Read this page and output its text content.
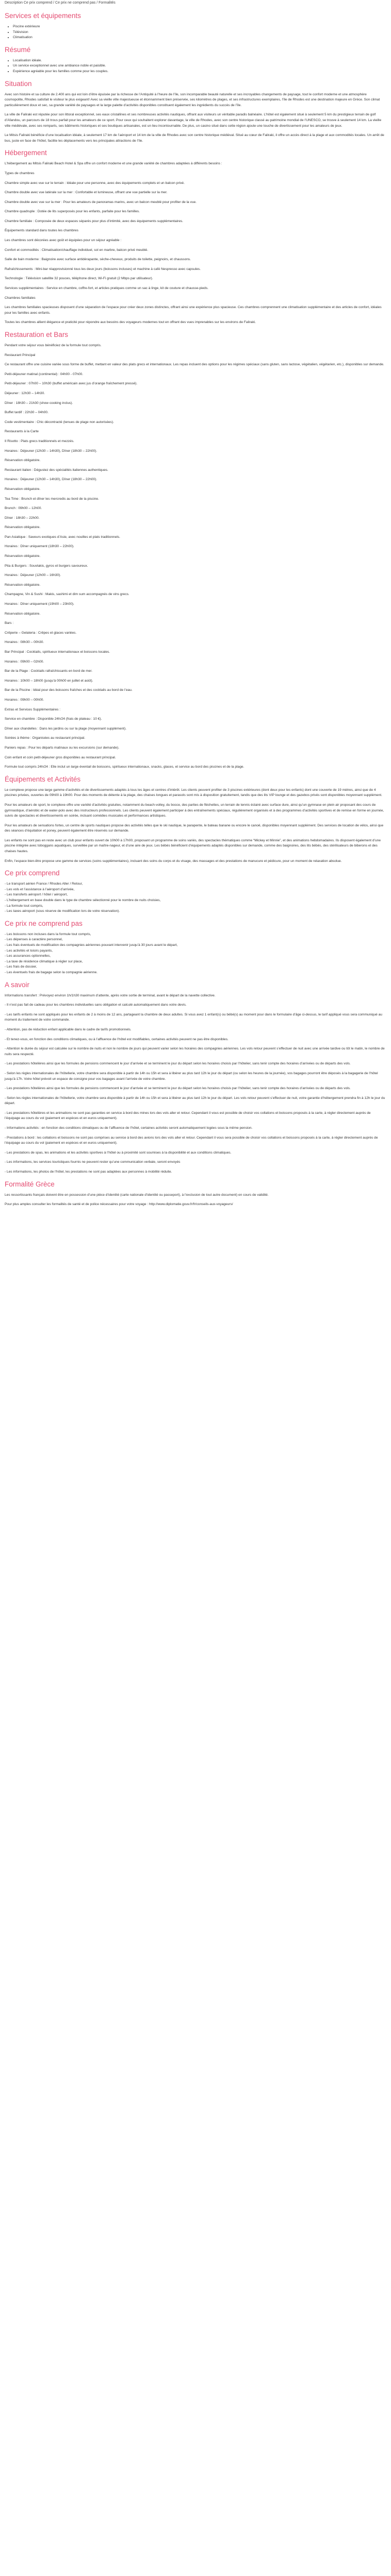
Description Ce prix comprend / Ce prix ne comprend pas / Formalités
Services et équipements
• Piscine extérieure
• Télévision
• Climatisation
Résumé
• Localisation idéale.
• Un service exceptionnel avec une ambiance noble et paisible.
• Expérience agréable pour les familles comme pour les couples.
Situation

Avec son histoire et sa culture de 2.400 ans qui est loin d’être épuisée par la richesse de l’Antiquité à l’heure de l’île, son incomparable beauté naturelle et ses incroyables changements de paysage, tout le confort moderne et une atmosphère cosmopolite, Rhodes satisfait le visiteur le plus exigeant! Avec sa vieille ville majestueuse et étonnamment bien préservée, ses kilomètres de plages, et ses infrastructures exemplaires, l’île de Rhodes est une destination majeure en Grèce. Son climat particulièrement doux et sec, sa grande variété de paysages et la large palette d’activités disponibles constituent également les ingrédients du succès de l’île.

La ville de Faliraki est réputée pour son littoral exceptionnel, ses eaux cristallines et ses nombreuses activités nautiques, offrant aux visiteurs un véritable paradis balnéaire. L’hôtel est également situé à seulement 5 km du prestigieux terrain de golf d’Afandou, un parcours de 18 trous parfait pour les amateurs de ce sport. Pour ceux qui souhaitent explorer davantage, la ville de Rhodes, avec son centre historique classé au patrimoine mondial de l’UNESCO, se trouve à seulement 14 km. La vieille ville médiévale, avec ses remparts, ses bâtiments historiques et ses boutiques artisanales, est un lieu incontournable. De plus, un casino situé dans cette région ajoute une touche de divertissement pour les amateurs de jeux.

Le Mitsis Faliraki bénéficie d’une localisation idéale, à seulement 17 km de l’aéroport et 14 km de la ville de Rhodes avec son centre historique médiéval. Situé au cœur de Faliraki, il offre un accès direct à la plage et aux commodités locales. Un arrêt de bus, juste en face de l’hôtel, facilite les déplacements vers les principales attractions de l’île.

Hébergement

L’hébergement au Mitsis Faliraki Beach Hotel & Spa offre un confort moderne et une grande variété de chambres adaptées à différents besoins :

Types de chambres

Chambre simple avec vue sur le terrain : Idéale pour une personne, avec des équipements complets et un balcon privé.

Chambre double avec vue latérale sur la mer : Confortable et lumineuse, offrant une vue partielle sur la mer.

Chambre double avec vue sur la mer : Pour les amateurs de panoramas marins, avec un balcon meublé pour profiter de la vue.

Chambre quadruple : Dotée de lits superposés pour les enfants, parfaite pour les familles.

Chambre familiale : Composée de deux espaces séparés pour plus d’intimité, avec des équipements supplémentaires.

Équipements standard dans toutes les chambres

Les chambres sont décorées avec goût et équipées pour un séjour agréable :

Confort et commodités : Climatisation/chauffage individuel, sol en marbre, balcon privé meublé.

Salle de bain moderne : Baignoire avec surface antidérapante, sèche-cheveux, produits de toilette, peignoirs, et chaussons.

Rafraîchissements : Mini-bar réapprovisionné tous les deux jours (boissons incluses) et machine à café Nespresso avec capsules.

Technologie : Télévision satellite 32 pouces, téléphone direct, Wi-Fi gratuit (2 Mbps par utilisateur).

Services supplémentaires : Service en chambre, coffre-fort, et articles pratiques comme un sac à linge, kit de couture et chausse-pieds.

Chambres familiales

Les chambres familiales spacieuses disposent d’une séparation de l’espace pour créer deux zones distinctes, offrant ainsi une expérience plus spacieuse. Ces chambres comprennent une climatisation supplémentaire et des articles de confort, idéales pour les familles avec enfants.

Toutes les chambres allient élégance et praticité pour répondre aux besoins des voyageurs modernes tout en offrant des vues imprenables sur les environs de Faliraki.

Restauration et Bars

Pendant votre séjour vous bénéficiez de la formule tout compris.

Restaurant Principal

Ce restaurant offre une cuisine variée sous forme de buffet, mettant en valeur des plats grecs et internationaux. Les repas incluent des options pour les régimes spéciaux (sans gluten, sans lactose, végétalien, végétarien, etc.), disponibles sur demande.

Petit-déjeuner matinal (continental) : 04h00 - 07h00.

Petit-déjeuner : 07h00 – 10h30 (buffet américain avec jus d’orange fraîchement pressé).

Déjeuner : 12h30 – 14h30.

Dîner : 18h30 – 21h30 (show cooking inclus).

Buffet tardif : 22h30 – 04h00.

Code vestimentaire : Chic décontracté (tenues de plage non autorisées).

Restaurants à la Carte

Il Risotto : Plats grecs traditionnels et mezzés.

Horaires : Déjeuner (12h30 – 14h30), Dîner (18h30 – 22h00).

Réservation obligatoire.

Restaurant italien : Dégustez des spécialités italiennes authentiques.

Horaires : Déjeuner (12h30 – 14h30), Dîner (18h30 – 22h00).

Réservation obligatoire.

Tea Time : Brunch et dîner les mercredis au bord de la piscine.

Brunch : 09h00 – 12h00.

Dîner : 18h30 – 22h00.

Réservation obligatoire.

Pan Asiatique : Saveurs exotiques d’Asie, avec nouilles et plats traditionnels.

Horaires : Dîner uniquement (18h30 – 22h00).

Réservation obligatoire.

Pita & Burgers : Souvlakis, gyros et burgers savoureux.

Horaires : Déjeuner (12h00 – 16h30).

Réservation obligatoire.

Champagne, Vin & Sushi : Makis, sashimi et dim sum accompagnés de vins grecs.

Horaires : Dîner uniquement (19h00 – 23h00).

Réservation obligatoire.

Bars :

Crêperie – Gelateria : Crêpes et glaces variées.

Horaires : 08h30 – 00h30.

Bar Principal : Cocktails, spiritueux internationaux et boissons locales.

Horaires : 09h00 – 02h00.

Bar de la Plage : Cocktails rafraîchissants en bord de mer.

Horaires : 10h00 – 18h00 (jusqu’à 00h00 en juillet et août).

Bar de la Piscine : Idéal pour des boissons fraîches et des cocktails au bord de l’eau.

Horaires : 09h00 – 00h00.

Extras et Services Supplémentaires :

Service en chambre : Disponible 24h/24 (frais de plateau : 10 €).

Dîner aux chandelles : Dans les jardins ou sur la plage (moyennant supplément).

Soirées à thème : Organisées au restaurant principal.

Paniers repas : Pour les départs matinaux ou les excursions (sur demande).

Coin enfant et coin petit-déjeuner gros disponibles au restaurant principal.

Formule tout compris 24h/24 : Elle inclut un large éventail de boissons, spiritueux internationaux, snacks, glaces, et service au bord des piscines et de la plage.

Équipements et Activités

Le complexe propose une large gamme d’activités et de divertissements adaptés à tous les âges et centres d’intérêt. Les clients peuvent profiter de 3 piscines extérieures (dont deux pour les enfants) dont une couverte de 19 mètres, ainsi que de 4 piscines privées, ouvertes de 09h00 à 19h00. Pour des moments de détente à la plage, des chaises longues et parasols sont mis à disposition gratuitement, tandis que des lits VIP lounge et des gazebos privés sont disponibles moyennant supplément.

Pour les amateurs de sport, le complexe offre une variété d’activités gratuites, notamment du beach-volley, du bocce, des parties de fléchettes, un terrain de tennis éclairé avec surface dure, ainsi qu’un gymnase en plein air proposant des cours de gymnastique, d’aérobic et de water-polo avec des instructeurs professionnels. Les clients peuvent également participer à des entraînements spéciaux, régulièrement organisés et à des programmes d’activités sportives et de remise en forme en journée, suivis de spectacles et divertissements en soirée, incluant comédies musicales et performances artistiques.

Pour les amateurs de sensations fortes, un centre de sports nautiques propose des activités telles que le ski nautique, le parapente, le bateau banane ou encore le canoë, disponibles moyennant supplément. Des services de location de vélos, ainsi que des séances d’équitation et poney, peuvent également être réservés sur demande.

Les enfants ne sont pas en reste avec un club pour enfants ouvert de 10h00 à 17h00, proposant un programme de soins variés, des spectacles thématiques comme “Mickey et Minnie”, et des animations hebdomadaires. Ils disposent également d’une piscine intégrée avec toboggans aquatiques, surveillée par un maître-nageur, et d’une aire de jeux. Les bébés bénéficient d’équipements adaptés disponibles sur demande, comme des baignoires, des lits bébés, des stérilisateurs de biberons et des chaises hautes.

Enfin, l’espace bien-être propose une gamme de services (soins supplémentaires), incluant des soins du corps et du visage, des massages et des prestations de manucure et pédicure, pour un moment de relaxation absolue.

Ce prix comprend

- Le transport aérien France / Rhodes Aller / Retour,

- Les vols et l’assistance à l’aéroport d’arrivée,

- Les transferts aéroport / hôtel / aéroport,

- L’hébergement en base double dans le type de chambre sélectionné pour le nombre de nuits choisies,

- La formule tout compris,

- Les taxes aéroport (sous réserve de modification lors de votre réservation).

Ce prix ne comprend pas

- Les boissons non incluses dans la formule tout compris,

- Les dépenses à caractère personnel,

- Les frais éventuels de modification des compagnies aériennes pouvant intervenir jusqu’à 30 jours avant le départ,

- Les activités et loisirs payants,

- Les assurances optionnelles,

- La taxe de résidence climatique à régler sur place,

- Les frais de dossier,

- Les éventuels frais de bagage selon la compagnie aérienne.

A savoir

Informations transfert : Prévoyez environ 1h/1h30 maximum d’attente, après votre sortie de terminal, avant le départ de la navette collective.

- Il n’est pas fait de cadeau pour les chambres individuelles sans obligation et calculé automatiquement dans votre devis.

- Les tarifs enfants ne sont appliqués pour les enfants de 2 à moins de 12 ans, partageant la chambre de deux adultes. Si vous avez 1 enfant(s) ou bébé(s) au moment pour dans le formulaire d’âge ci-dessus, le tarif appliqué vous sera communiqué au moment du traitement de votre commande.

- Attention, pas de réduction enfant applicable dans le cadre de tarifs promotionnels.

- Et tenez-vous, en fonction des conditions climatiques, ou à l’affluence de l’hôtel est modifiables, certaines activités peuvent ne pas être disponibles.

- Attention le durée du séjour est calculée sur le nombre de nuits et non le nombre de jours qui peuvent varier selon les horaires des compagnies aériennes. Les vols retour peuvent s’effectuer de nuit avec une arrivée tardive ou tôt le matin, le nombre de nuits sera respecté.

- Les prestations hôtelières ainsi que les formules de pensions commencent le jour d’arrivée et se terminent le jour du départ selon les horaires choisis par l’hôtelier, sans tenir compte des horaires d’arrivées ou de départs des vols.

- Selon les règles internationales de l’hôtellerie, votre chambre sera disponible à partir de 14h ou 15h et sera à libérer au plus tard 12h le jour du départ (ou selon les heures de la journée), vos bagages pourront être déposés à la bagagerie de l’hôtel jusqu’à 17h. Votre hôtel prévoit un espace de consigne pour vos bagages avant l’arrivée de votre chambre.

- Les prestations hôtelières ainsi que les formules de pensions commencent le jour d’arrivée et se terminent le jour du départ selon les horaires choisis par l’hôtelier, sans tenir compte des horaires d’arrivées ou de départs des vols.

- Selon les règles internationales de l’hôtellerie, votre chambre sera disponible à partir de 14h ou 15h et sera à libérer au plus tard 12h le jour du départ. Les vols retour peuvent s’effectuer de nuit, votre garantie d’hébergement prendra fin à 12h le jour du départ.

- Les prestations hôtelières et les animations ne sont pas garanties en service à bord des mines lors des vols aller et retour. Cependant il vous est possible de choisir vos collations et boissons proposés à la carte, à régler directement auprès de l’équipage au cours du vol (paiement en espèces et en euros uniquement).

- Informations activités : en fonction des conditions climatiques ou de l’affluence de l’hôtel, certaines activités seront automatiquement logées sous la même pension.

- Prestations à bord : les collations et boissons ne sont pas comprises au service à bord des avions lors des vols aller et retour. Cependant il vous sera possible de choisir vos collations et boissons proposés à la carte, à régler directement auprès de l’équipage au cours du vol (paiement en espèces et en euros uniquement).

- Les prestations de spas, les animations et les activités sportives à l’hôtel ou à proximité sont soumises à la disponibilité et aux conditions climatiques.

- Les informations, les services touristiques fournis ne peuvent rester qu’une communication verbale, seront envoyés

- Les informations, les photos de l’hôtel, les prestations ne sont pas adaptées aux personnes à mobilité réduite.

Formalité Grèce

Les ressortissants français doivent être en possession d’une pièce d’identité (carte nationale d’identité ou passeport), à l’exclusion de tout autre document) en cours de validité.

Pour plus amples consulter les formalités de santé et de police nécessaires pour votre voyage : http://www.diplomatie.gouv.fr/fr/conseils-aux-voyageurs/
